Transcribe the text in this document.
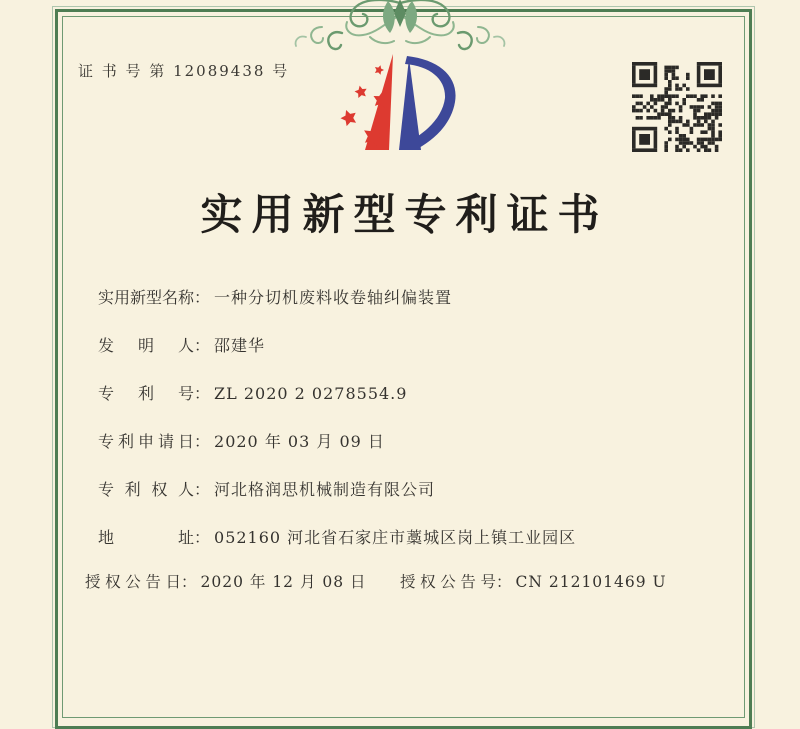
证 书 号 第 12089438 号
实用新型专利证书
实用新型名称： 一种分切机废料收卷轴纠偏装置
发明人： 邵建华
专利号： ZL 2020 2 0278554.9
专利申请日： 2020 年 03 月 09 日
专利权人： 河北格润思机械制造有限公司
地址： 052160 河北省石家庄市藁城区岗上镇工业园区
授权公告日： 2020 年 12 月 08 日 授权公告号： CN 212101469 U
